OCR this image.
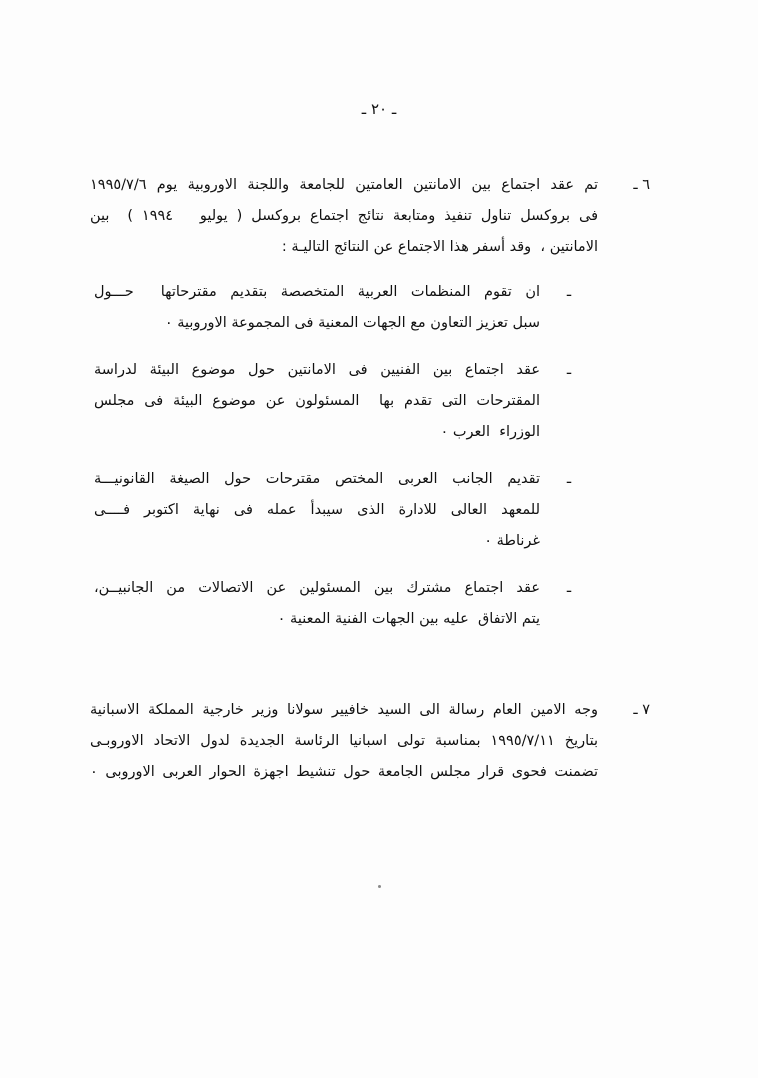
ـ ٢٠ ـ
٦ ـ
تم عقد اجتماع بين الامانتين العامتين للجامعة واللجنة الاوروبية يوم ١٩٩٥/٧/٦
فى بروكسل تناول تنفيذ ومتابعة نتائج اجتماع بروكسل ( يوليو   ١٩٩٤ )  بين
الامانتين ،  وقد أسفر هذا الاجتماع عن النتائج التاليـة :
ـ
ان تقوم المنظمات العربية المتخصصة بتقديم مقترحاتها  حـــول
سبل تعزيز التعاون مع الجهات المعنية فى المجموعة الاوروبية ٠
ـ
عقد اجتماع بين الفنيين فى الامانتين حول موضوع البيئة لدراسة
المقترحات التى تقدم بها  المسئولون عن موضوع البيئة فى مجلس
الوزراء  العرب ٠
ـ
تقديم الجانب العربى المختص مقترحات حول الصيغة القانونيـــة
للمعهد العالى للادارة الذى سيبدأ عمله فى نهاية اكتوبر فــــى
غرناطة ٠
ـ
عقد اجتماع مشترك بين المسئولين عن الاتصالات من الجانبيــن،
يتم الاتفاق  عليه بين الجهات الفنية المعنية ٠
٧ ـ
وجه الامين العام رسالة الى السيد خافيير سولانا وزير خارجية المملكة الاسبانية
بتاريخ ١٩٩٥/٧/١١ بمناسبة تولى اسبانيا الرئاسة الجديدة لدول الاتحاد الاوروبـى
تضمنت فحوى قرار مجلس الجامعة حول تنشيط اجهزة الحوار العربى الاوروبى ٠
